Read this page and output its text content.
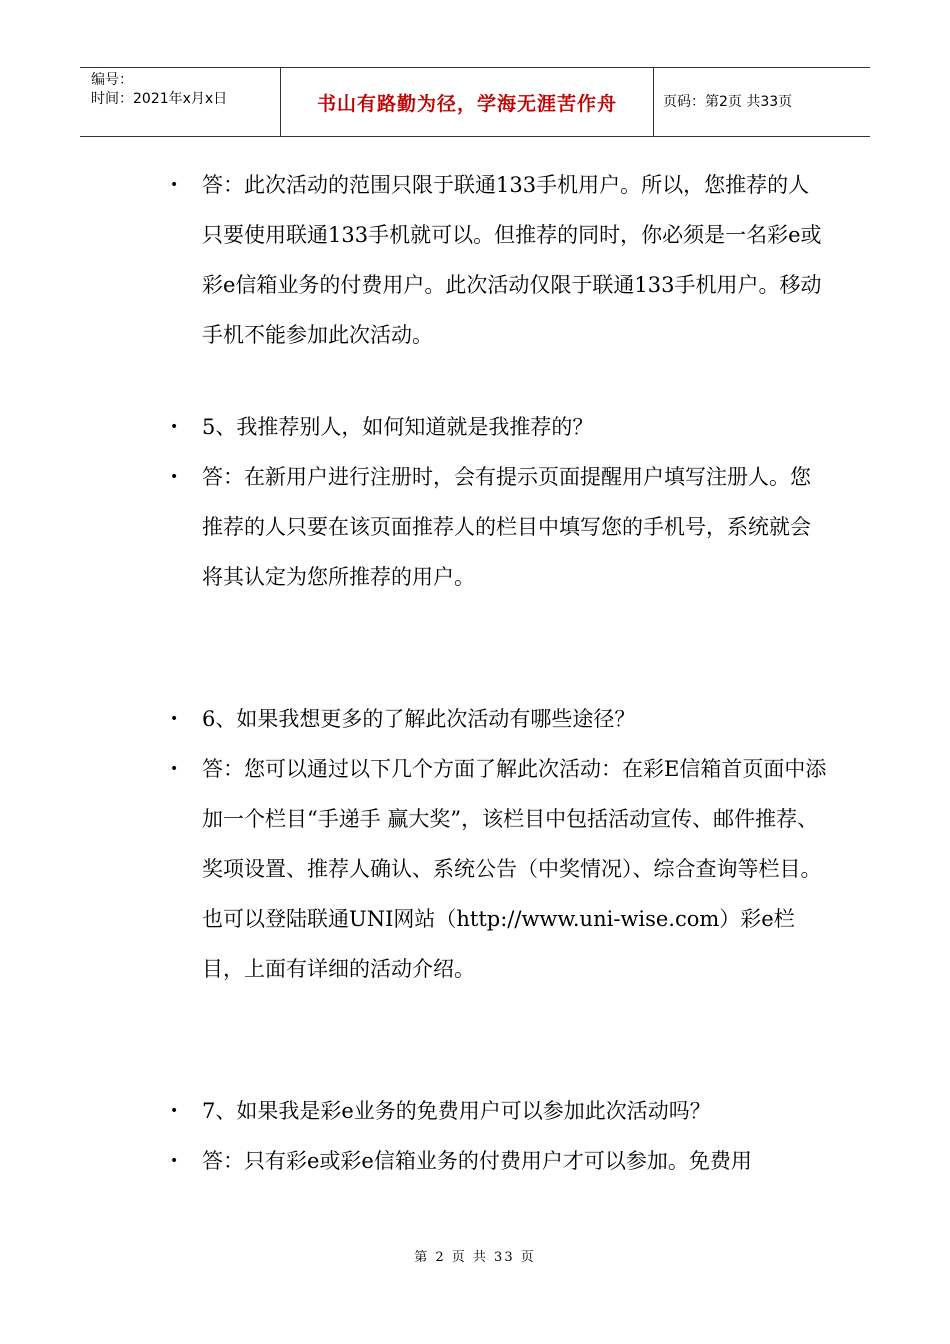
编号：
时间：2021年x月x日	书山有路勤为径，学海无涯苦作舟	页码：第2页 共33页
• 答：此次活动的范围只限于联通133手机用户。所以，您推荐的人只要使用联通133手机就可以。但推荐的同时，你必须是一名彩e或彩e信箱业务的付费用户。此次活动仅限于联通133手机用户。移动手机不能参加此次活动。
• 5、我推荐别人，如何知道就是我推荐的？
• 答：在新用户进行注册时，会有提示页面提醒用户填写注册人。您推荐的人只要在该页面推荐人的栏目中填写您的手机号，系统就会将其认定为您所推荐的用户。
• 6、如果我想更多的了解此次活动有哪些途径？
• 答：您可以通过以下几个方面了解此次活动：在彩E信箱首页面中添加一个栏目“手递手 赢大奖”，该栏目中包括活动宣传、邮件推荐、奖项设置、推荐人确认、系统公告（中奖情况）、综合查询等栏目。也可以登陆联通UNI网站（http://www.uni-wise.com）彩e栏目，上面有详细的活动介绍。
• 7、如果我是彩e业务的免费用户可以参加此次活动吗？
• 答：只有彩e或彩e信箱业务的付费用户才可以参加。免费用
第 2 页 共 33 页
